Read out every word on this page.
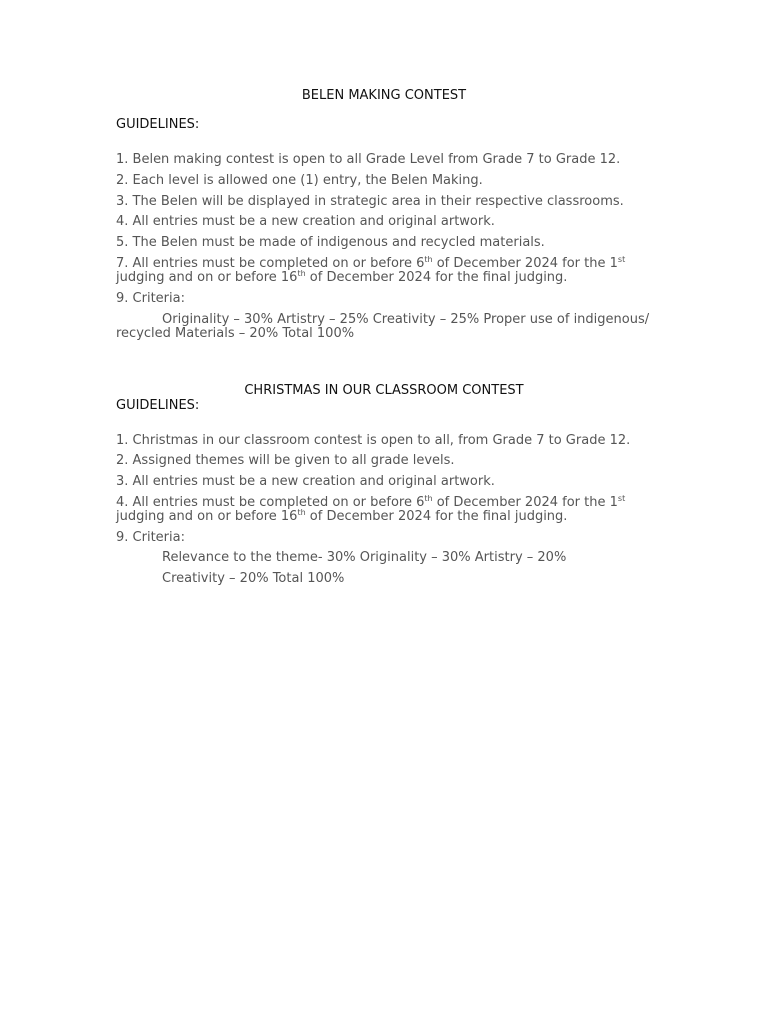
BELEN MAKING CONTEST
GUIDELINES:
1. Belen making contest is open to all Grade Level from Grade 7 to Grade 12.
2. Each level is allowed one (1) entry, the Belen Making.
3. The Belen will be displayed in strategic area in their respective classrooms.
4. All entries must be a new creation and original artwork.
5. The Belen must be made of indigenous and recycled materials.
7. All entries must be completed on or before 6th of December 2024 for the 1st
judging and on or before 16th of December 2024 for the final judging.
9. Criteria:
Originality – 30% Artistry – 25% Creativity – 25% Proper use of indigenous/
recycled Materials – 20% Total 100%
CHRISTMAS IN OUR CLASSROOM CONTEST
GUIDELINES:
1. Christmas in our classroom contest is open to all, from Grade 7 to Grade 12.
2. Assigned themes will be given to all grade levels.
3. All entries must be a new creation and original artwork.
4. All entries must be completed on or before 6th of December 2024 for the 1st
judging and on or before 16th of December 2024 for the final judging.
9. Criteria:
Relevance to the theme- 30% Originality – 30% Artistry – 20%
Creativity – 20% Total 100%
